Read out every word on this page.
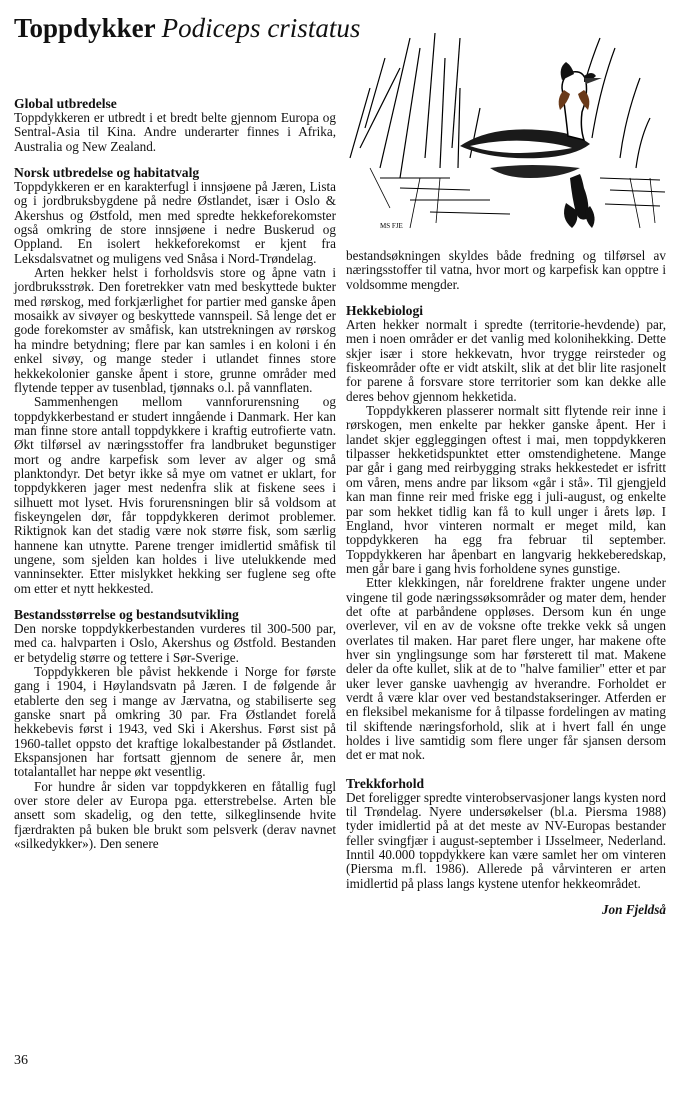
Toppdykker Podiceps cristatus
MS FJE
Global utbredelse

Toppdykkeren er utbredt i et bredt belte gjennom Europa og Sentral-Asia til Kina. Andre underarter finnes i Afrika, Australia og New Zealand.

Norsk utbredelse og habitatvalg

Toppdykkeren er en karakterfugl i innsjøene på Jæren, Lista og i jordbruksbygdene på nedre Østlandet, især i Oslo & Akershus og Østfold, men med spredte hekkeforekomster også omkring de store innsjøene i nedre Buskerud og Oppland. En isolert hekkeforekomst er kjent fra Leksdalsvatnet og muligens ved Snåsa i Nord-Trøndelag.

Arten hekker helst i forholdsvis store og åpne vatn i jordbruksstrøk. Den foretrekker vatn med beskyttede bukter med rørskog, med forkjærlighet for partier med ganske åpen mosaikk av sivøyer og beskyttede vannspeil. Så lenge det er gode forekomster av småfisk, kan utstrekningen av rørskog ha mindre betydning; flere par kan samles i en koloni i én enkel sivøy, og mange steder i utlandet finnes store hekkekolonier ganske åpent i store, grunne områder med flytende tepper av tusenblad, tjønnaks o.l. på vannflaten.

Sammenhengen mellom vannforurensning og toppdykkerbestand er studert inngående i Danmark. Her kan man finne store antall toppdykkere i kraftig eutrofierte vatn. Økt tilførsel av næringsstoffer fra landbruket begunstiger mort og andre karpefisk som lever av alger og små planktondyr. Det betyr ikke så mye om vatnet er uklart, for toppdykkeren jager mest nedenfra slik at fiskene sees i silhuett mot lyset. Hvis forurensningen blir så voldsom at fiskeyngelen dør, får toppdykkeren derimot problemer. Riktignok kan det stadig være nok større fisk, som særlig hannene kan utnytte. Parene trenger imidlertid småfisk til ungene, som sjelden kan holdes i live utelukkende med vanninsekter. Etter mislykket hekking ser fuglene seg ofte om etter et nytt hekkested.

Bestandsstørrelse og bestandsutvikling

Den norske toppdykkerbestanden vurderes til 300-500 par, med ca. halvparten i Oslo, Akershus og Østfold. Bestanden er betydelig større og tettere i Sør-Sverige.

Toppdykkeren ble påvist hekkende i Norge for første gang i 1904, i Høylandsvatn på Jæren. I de følgende år etablerte den seg i mange av Jærvatna, og stabiliserte seg ganske snart på omkring 30 par. Fra Østlandet forelå hekkebevis først i 1943, ved Ski i Akershus. Først sist på 1960-tallet oppsto det kraftige lokalbestander på Østlandet. Ekspansjonen har fortsatt gjennom de senere år, men totalantallet har neppe økt vesentlig.

For hundre år siden var toppdykkeren en fåtallig fugl over store deler av Europa pga. etterstrebelse. Arten ble ansett som skadelig, og den tette, silkeglinsende hvite fjærdrakten på buken ble brukt som pelsverk (derav navnet «silkedykker»). Den senere

bestandsøkningen skyldes både fredning og tilførsel av næringsstoffer til vatna, hvor mort og karpefisk kan opptre i voldsomme mengder.

Hekkebiologi

Arten hekker normalt i spredte (territorie-hevdende) par, men i noen områder er det vanlig med kolonihekking. Dette skjer især i store hekkevatn, hvor trygge reirsteder og fiskeområder ofte er vidt atskilt, slik at det blir lite rasjonelt for parene å forsvare store territorier som kan dekke alle deres behov gjennom hekketida.

Toppdykkeren plasserer normalt sitt flytende reir inne i rørskogen, men enkelte par hekker ganske åpent. Her i landet skjer eggleggingen oftest i mai, men toppdykkeren tilpasser hekketidspunktet etter omstendighetene. Mange par går i gang med reirbygging straks hekkestedet er isfritt om våren, mens andre par liksom «går i stå». Til gjengjeld kan man finne reir med friske egg i juli-august, og enkelte par som hekket tidlig kan få to kull unger i årets løp. I England, hvor vinteren normalt er meget mild, kan toppdykkeren ha egg fra februar til september. Toppdykkeren har åpenbart en langvarig hekkeberedskap, men går bare i gang hvis forholdene synes gunstige.

Etter klekkingen, når foreldrene frakter ungene under vingene til gode næringssøksområder og mater dem, hender det ofte at parbåndene oppløses. Dersom kun én unge overlever, vil en av de voksne ofte trekke vekk så ungen overlates til maken. Har paret flere unger, har makene ofte hver sin ynglingsunge som har førsterett til mat. Makene deler da ofte kullet, slik at de to "halve familier" etter et par uker lever ganske uavhengig av hverandre. Forholdet er verdt å være klar over ved bestandstakseringer. Atferden er en fleksibel mekanisme for å tilpasse fordelingen av mating til skiftende næringsforhold, slik at i hvert fall én unge holdes i live samtidig som flere unger får sjansen dersom det er mat nok.

Trekkforhold

Det foreligger spredte vinterobservasjoner langs kysten nord til Trøndelag. Nyere undersøkelser (bl.a. Piersma 1988) tyder imidlertid på at det meste av NV-Europas bestander feller svingfjær i august-september i IJsselmeer, Nederland. Inntil 40.000 toppdykkere kan være samlet her om vinteren (Piersma m.fl. 1986). Allerede på vårvinteren er arten imidlertid på plass langs kystene utenfor hekkeområdet.

Jon Fjeldså

36
